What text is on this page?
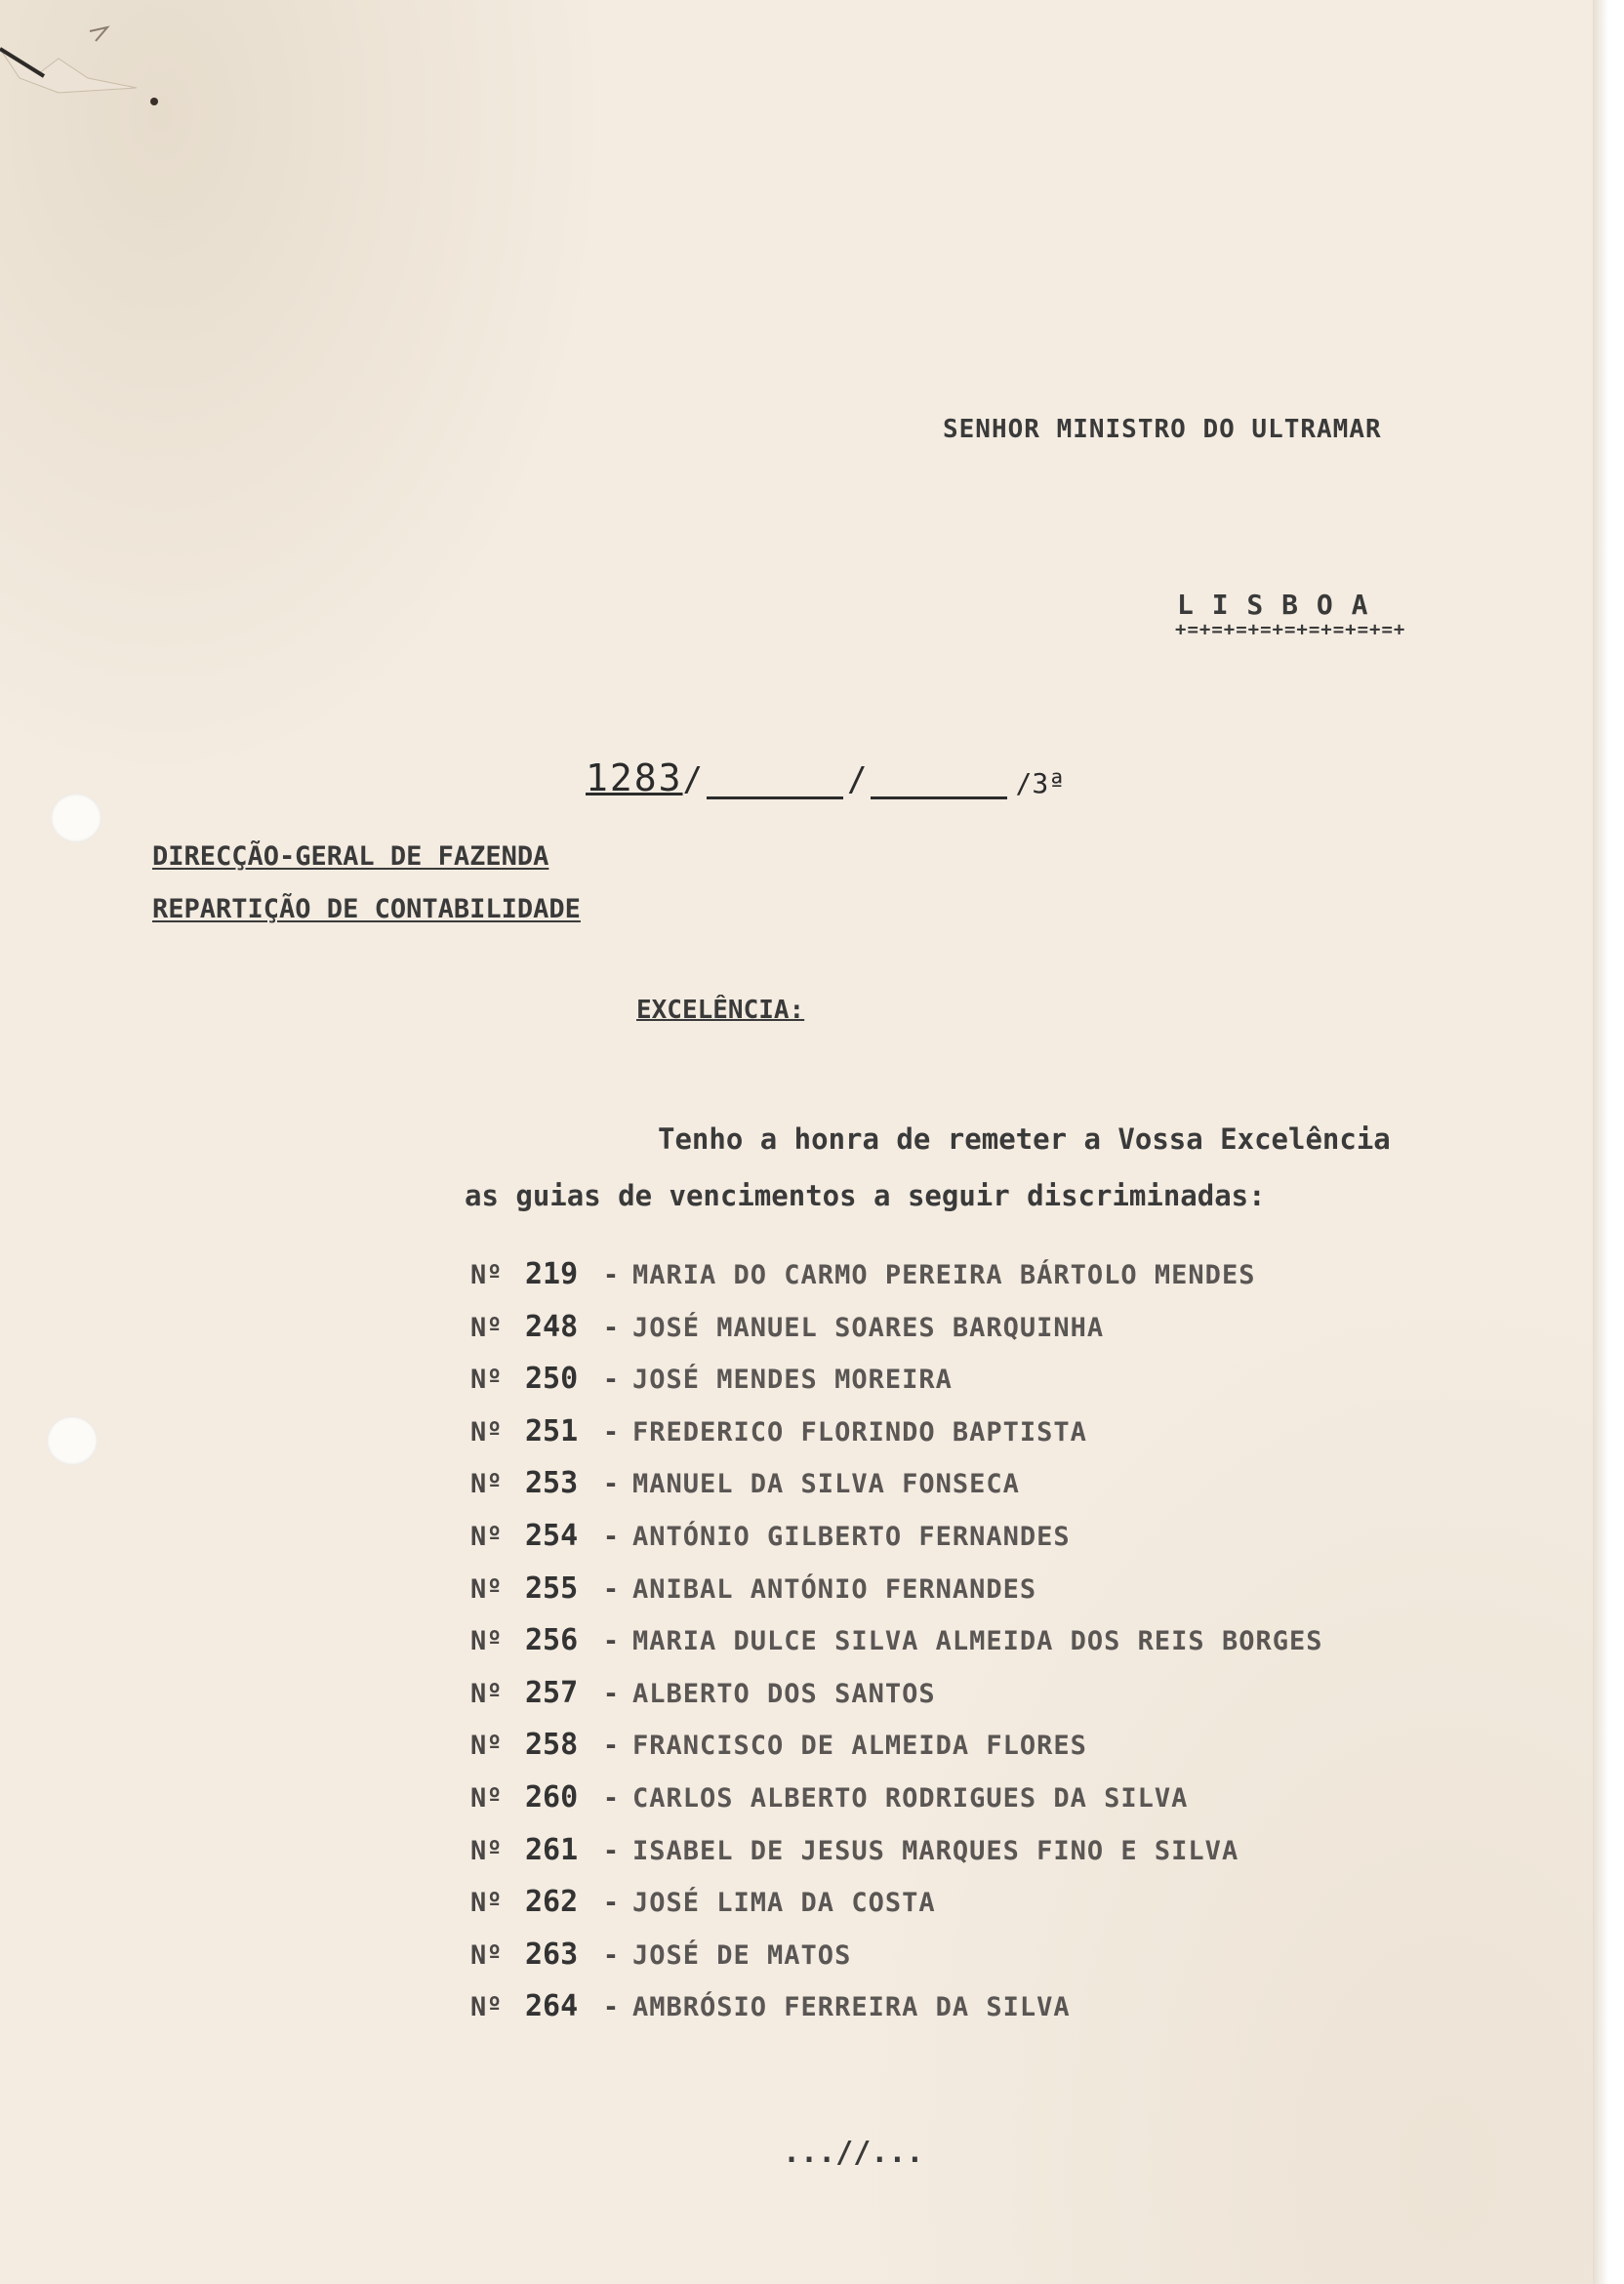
SENHOR MINISTRO DO ULTRAMAR
L I S B O A
+=+=+=+=+=+=+=+=+=+
1283 /	/	/3ª
DIRECÇÃO-GERAL DE FAZENDA
REPARTIÇÃO DE CONTABILIDADE
EXCELÊNCIA:
Tenho a honra de remeter a Vossa Excelência
as guias de vencimentos a seguir discriminadas:
Nº 219 - MARIA DO CARMO PEREIRA BÁRTOLO MENDES
Nº 248 - JOSÉ MANUEL SOARES BARQUINHA
Nº 250 - JOSÉ MENDES MOREIRA
Nº 251 - FREDERICO FLORINDO BAPTISTA
Nº 253 - MANUEL DA SILVA FONSECA
Nº 254 - ANTÓNIO GILBERTO FERNANDES
Nº 255 - ANIBAL ANTÓNIO FERNANDES
Nº 256 - MARIA DULCE SILVA ALMEIDA DOS REIS BORGES
Nº 257 - ALBERTO DOS SANTOS
Nº 258 - FRANCISCO DE ALMEIDA FLORES
Nº 260 - CARLOS ALBERTO RODRIGUES DA SILVA
Nº 261 - ISABEL DE JESUS MARQUES FINO E SILVA
Nº 262 - JOSÉ LIMA DA COSTA
Nº 263 - JOSÉ DE MATOS
Nº 264 - AMBRÓSIO FERREIRA DA SILVA
...//...
